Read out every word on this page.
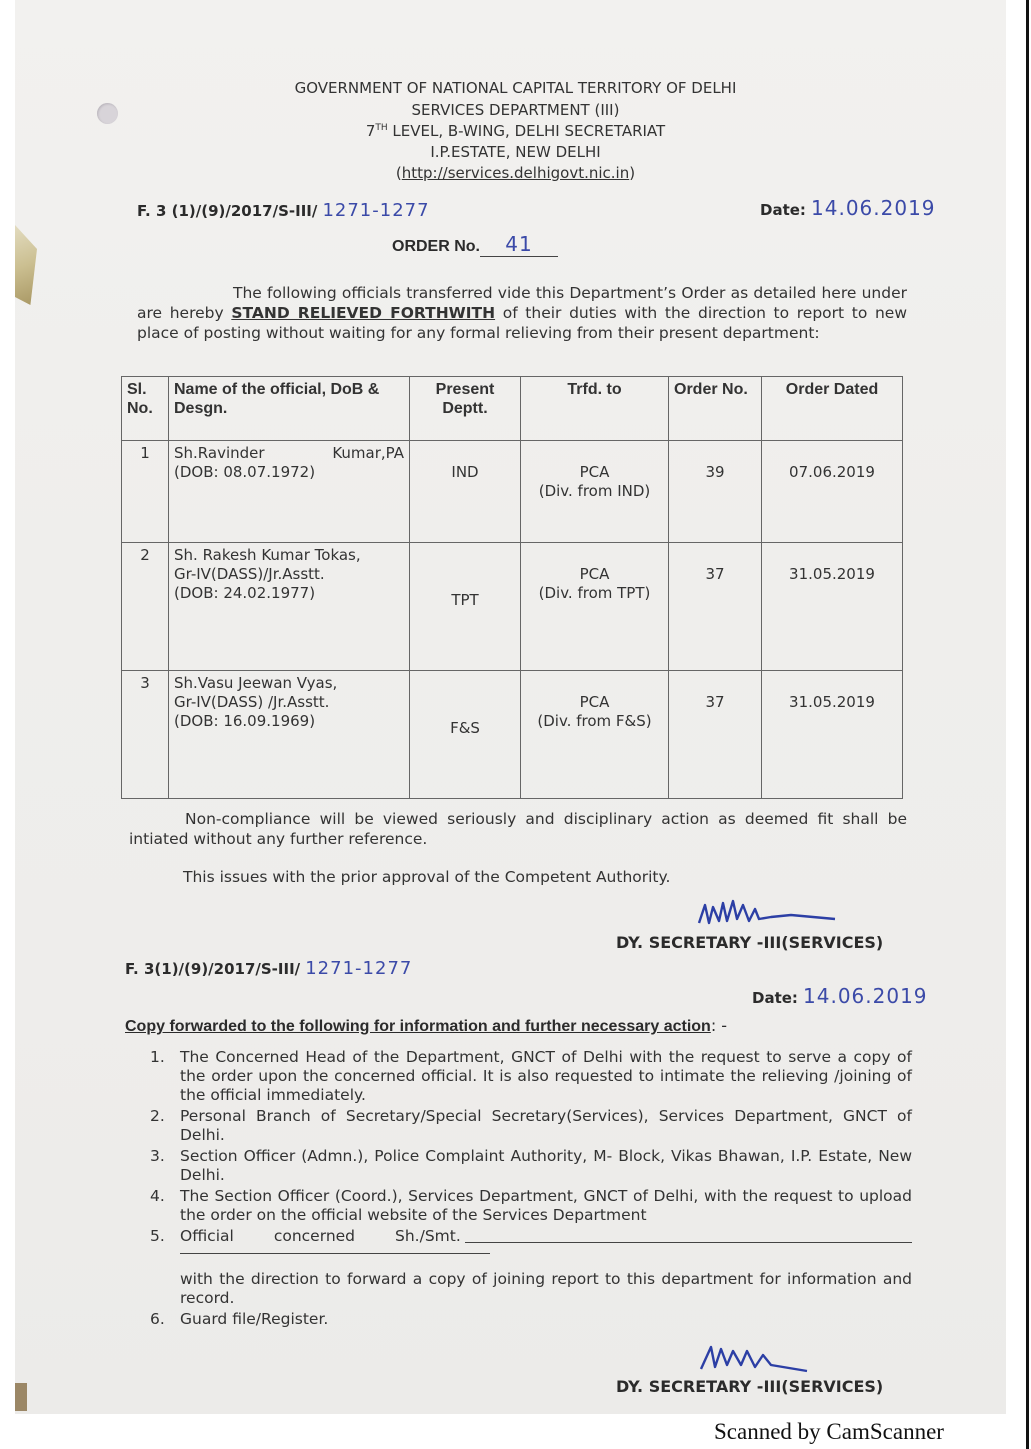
GOVERNMENT OF NATIONAL CAPITAL TERRITORY OF DELHI
SERVICES DEPARTMENT (III)
7TH LEVEL, B-WING, DELHI SECRETARIAT
I.P.ESTATE, NEW DELHI
(http://services.delhigovt.nic.in)
F. 3 (1)/(9)/2017/S-III/ 1271-1277	Date: 14.06.2019
ORDER No. 41
The following officials transferred vide this Department’s Order as detailed here under are hereby STAND RELIEVED FORTHWITH of their duties with the direction to report to new place of posting without waiting for any formal relieving from their present department:
Sl. No.	Name of the official, DoB & Desgn.	Present Deptt.	Trfd. to	Order No.	Order Dated
1	Sh.Ravinder Kumar,PA
(DOB: 08.07.1972)	IND	PCA
(Div. from IND)	39	07.06.2019
2	Sh. Rakesh Kumar Tokas,
Gr-IV(DASS)/Jr.Asstt.
(DOB: 24.02.1977)	TPT	PCA
(Div. from TPT)	37	31.05.2019
3	Sh.Vasu Jeewan Vyas,
Gr-IV(DASS) /Jr.Asstt.
(DOB: 16.09.1969)	F&S	PCA
(Div. from F&S)	37	31.05.2019
Non-compliance will be viewed seriously and disciplinary action as deemed fit shall be intiated without any further reference.
This issues with the prior approval of the Competent Authority.
DY. SECRETARY -III(SERVICES)
F. 3(1)/(9)/2017/S-III/ 1271-1277
Date: 14.06.2019
Copy forwarded to the following for information and further necessary action: -
1. The Concerned Head of the Department, GNCT of Delhi with the request to serve a copy of the order upon the concerned official. It is also requested to intimate the relieving /joining of the official immediately.
2. Personal Branch of Secretary/Special Secretary(Services), Services Department, GNCT of Delhi.
3. Section Officer (Admn.), Police Complaint Authority, M- Block, Vikas Bhawan, I.P. Estate, New Delhi.
4. The Section Officer (Coord.), Services Department, GNCT of Delhi, with the request to upload the order on the official website of the Services Department
5. Official	concerned	Sh./Smt.
with the direction to forward a copy of joining report to this department for information and record.
6. Guard file/Register.
DY. SECRETARY -III(SERVICES)
Scanned by CamScanner
